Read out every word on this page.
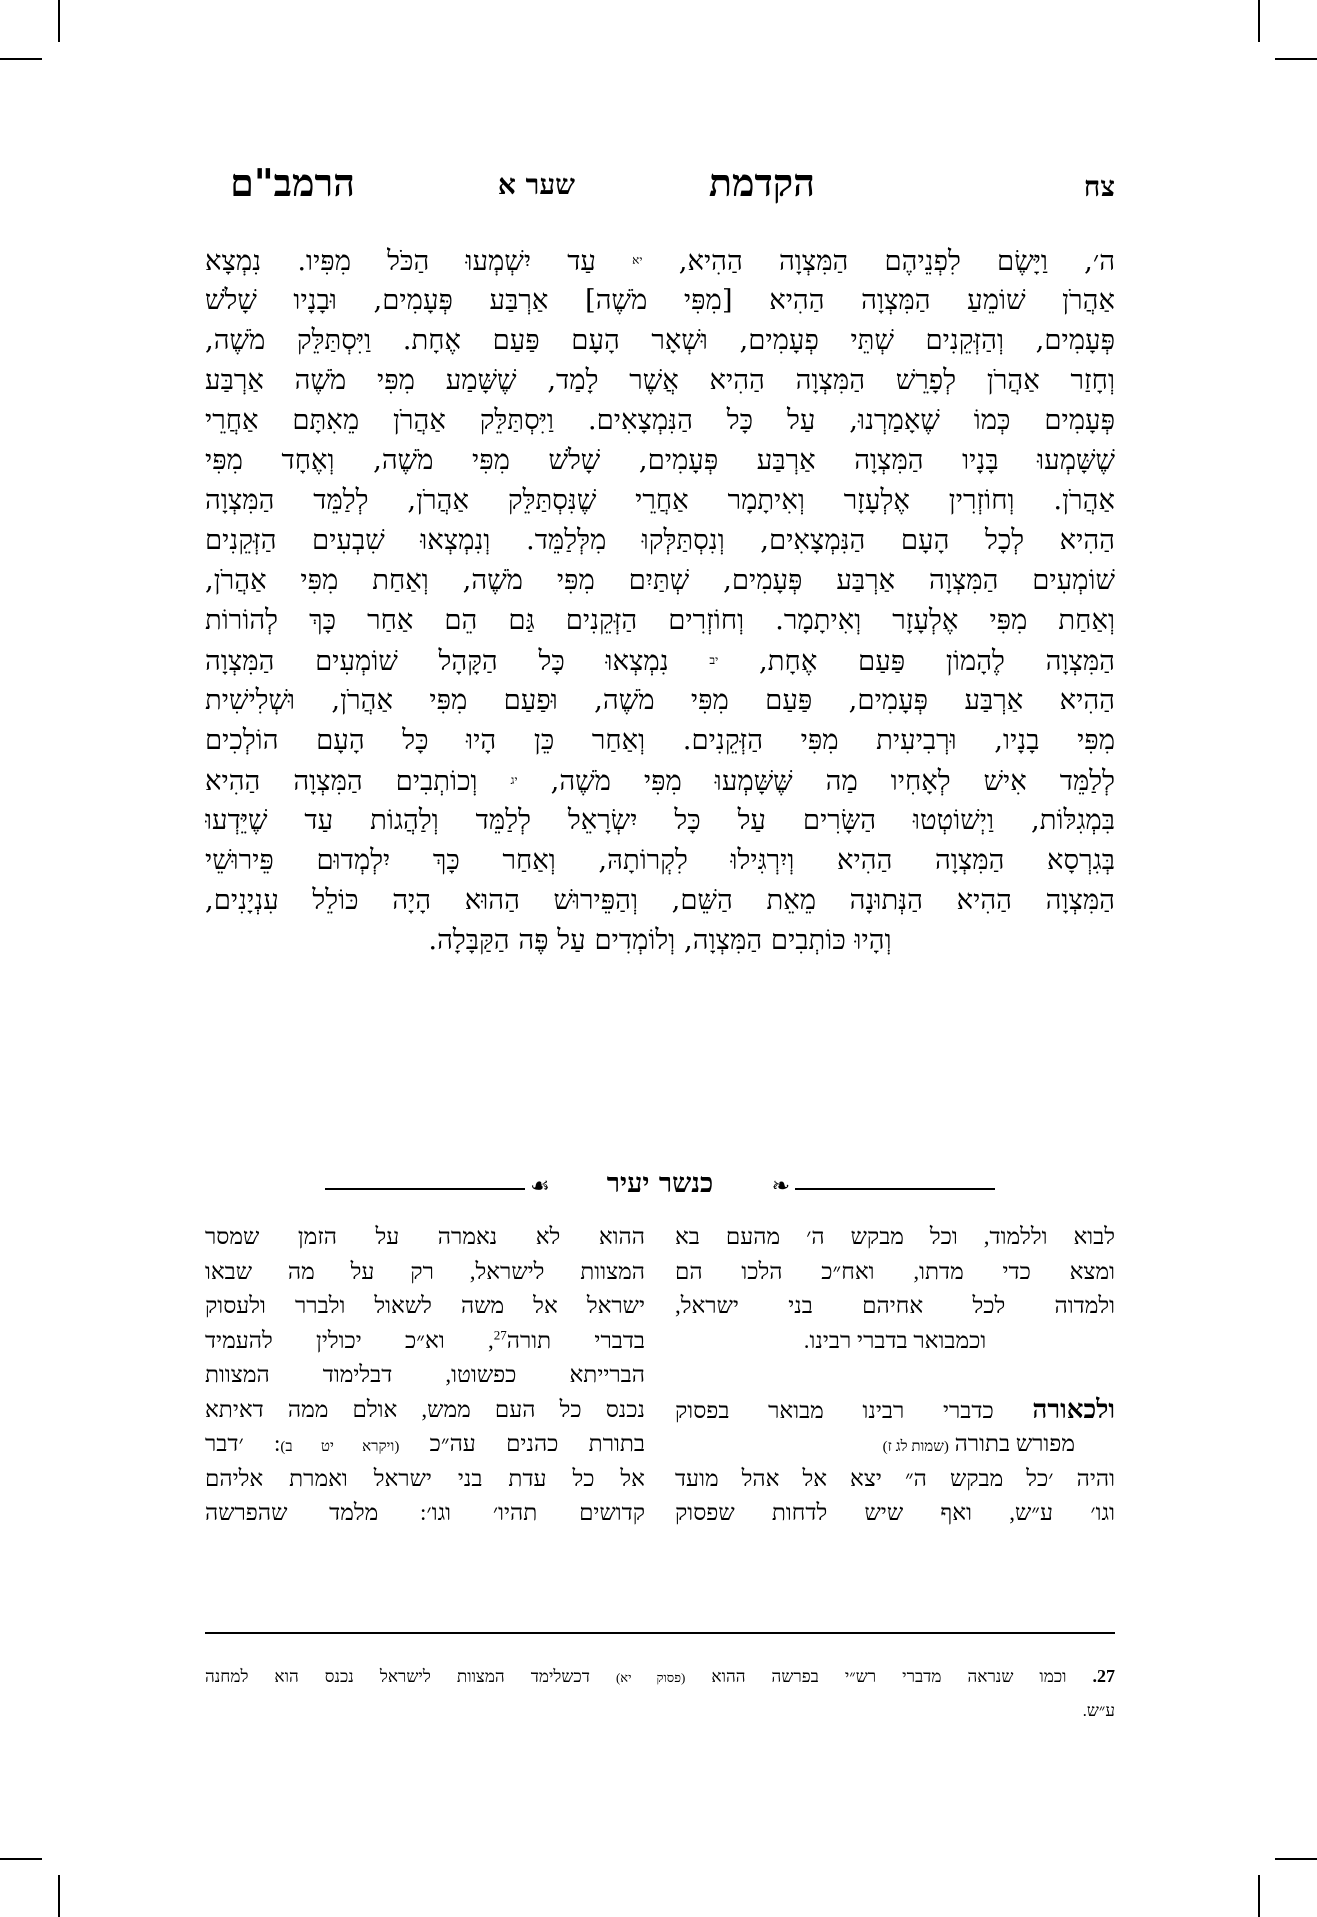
צח
הקדמת
שער א
הרמב"ם
ה׳, וַיָּשֶׂם לִפְנֵיהֶם הַמִּצְוָה הַהִיא, $^{יא}$ עַד יִשְׁמְעוּ הַכֹּל מִפִּיו. נִמְצָא
אַהֲרֹן שׁוֹמֵעַ הַמִּצְוָה הַהִיא [מִפִּי מֹשֶׁה] אַרְבַּע פְּעָמִים, וּבָנָיו שָׁלֹשׁ
פְּעָמִים, וְהַזְּקֵנִים שְׁתֵּי פְעָמִים, וּשְׁאָר הָעָם פַּעַם אֶחָת. וַיִּסְתַּלֵּק מֹשֶׁה,
וְחָזַר אַהֲרֹן לְפָרֵשׁ הַמִּצְוָה הַהִיא אֲשֶׁר לָמַד, שֶׁשָּׁמַע מִפִּי מֹשֶׁה אַרְבַּע
פְּעָמִים כְּמוֹ שֶׁאָמַרְנוּ, עַל כָּל הַנִּמְצָאִים. וַיִּסְתַּלֵּק אַהֲרֹן מֵאִתָּם אַחֲרֵי
שֶׁשָּׁמְעוּ בָּנָיו הַמִּצְוָה אַרְבַּע פְּעָמִים, שָׁלֹשׁ מִפִּי מֹשֶׁה, וְאֶחָד מִפִּי
אַהֲרֹן. וְחוֹזְרִין אֶלְעָזָר וְאִיתָמָר אַחֲרֵי שֶׁנִּסְתַּלֵּק אַהֲרֹן, לְלַמֵּד הַמִּצְוָה
הַהִיא לְכָל הָעָם הַנִּמְצָאִים, וְנִסְתַּלְּקוּ מִלְּלַמֵּד. וְנִמְצְאוּ שִׁבְעִים הַזְּקֵנִים
שׁוֹמְעִים הַמִּצְוָה אַרְבַּע פְּעָמִים, שְׁתַּיִם מִפִּי מֹשֶׁה, וְאַחַת מִפִּי אַהֲרֹן,
וְאַחַת מִפִּי אֶלְעָזָר וְאִיתָמָר. וְחוֹזְרִים הַזְּקֵנִים גַּם הֵם אַחַר כָּךְ לְהוֹרוֹת
הַמִּצְוָה לֶהָמוֹן פַּעַם אֶחָת, $^{יב}$ נִמְצְאוּ כָּל הַקָּהָל שׁוֹמְעִים הַמִּצְוָה
הַהִיא אַרְבַּע פְּעָמִים, פַּעַם מִפִּי מֹשֶׁה, וּפַעַם מִפִּי אַהֲרֹן, וּשְׁלִישִׁית
מִפִּי בָנָיו, וּרְבִיעִית מִפִּי הַזְּקֵנִים. וְאַחַר כֵּן הָיוּ כָּל הָעָם הוֹלְכִים
לְלַמֵּד אִישׁ לְאָחִיו מַה שֶּׁשָּׁמְעוּ מִפִּי מֹשֶׁה, $^{יג}$ וְכוֹתְבִים הַמִּצְוָה הַהִיא
בִּמְגִלּוֹת, וַיְשׁוֹטְטוּ הַשָּׂרִים עַל כָּל יִשְׂרָאֵל לְלַמֵּד וְלַהֲגוֹת עַד שֶׁיֵּדְעוּ
בְּגִרְסָא הַמִּצְוָה הַהִיא וְיִרְגִּילוּ לִקְרוֹתָהּ, וְאַחַר כָּךְ יִלְמְדוּם פֵּירוּשֵׁי
הַמִּצְוָה הַהִיא הַנְּתוּנָה מֵאֵת הַשֵּׁם, וְהַפֵּירוּשׁ הַהוּא הָיָה כּוֹלֵל עִנְיָנִים,
וְהָיוּ כּוֹתְבִים הַמִּצְוָה, וְלוֹמְדִים עַל פֶּה הַקַּבָּלָה.
❧
כנשר יעיר
☙
לבוא וללמוד, וכל מבקש ה׳ מהעם בא
ומצא כדי מדתו, ואח״כ הלכו הם
ולמדוה לכל אחיהם בני ישראל,
וכמבואר בדברי רבינו.
ולכאורה כדברי רבינו מבואר בפסוק
מפורש בתורה (שמות לג ז)
והיה ׳כל מבקש ה״ יצא אל אהל מועד
וגו׳ ע״ש, ואף שיש לדחות שפסוק
ההוא לא נאמרה על הזמן שמסר
המצוות לישראל, רק על מה שבאו
ישראל אל משה לשאול ולברר ולעסוק
בדברי תורה$^{27}$, וא״כ יכולין להעמיד
הברייתא כפשוטו, דבלימוד המצוות
נכנס כל העם ממש, אולם ממה דאיתא
בתורת כהנים עה״כ (ויקרא יט ב): ׳דבר
אל כל עדת בני ישראל ואמרת אליהם
קדושים תהיו׳ וגו׳: מלמד שהפרשה
27. וכמו שנראה מדברי רש״י בפרשה ההוא (פסוק יא) דכשלימד המצוות לישראל נכנס הוא למחנה
ע״ש.
